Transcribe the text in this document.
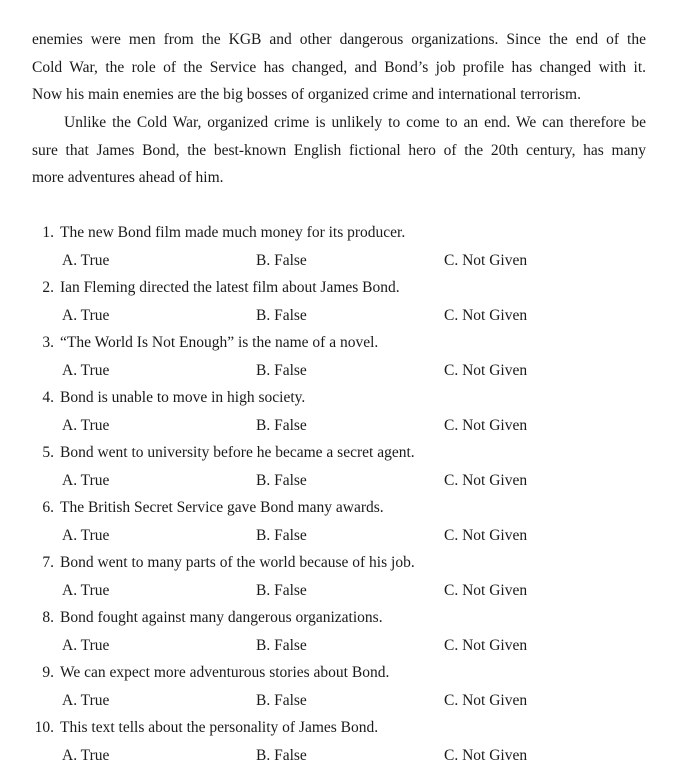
enemies were men from the KGB and other dangerous organizations. Since the end of the
Cold War, the role of the Service has changed, and Bond’s job profile has changed with it.
Now his main enemies are the big bosses of organized crime and international terrorism.
Unlike the Cold War, organized crime is unlikely to come to an end. We can therefore be
sure that James Bond, the best-known English fictional hero of the 20th century, has many
more adventures ahead of him.
1. The new Bond film made much money for its producer.
A. True	B. False	C. Not Given
2. Ian Fleming directed the latest film about James Bond.
A. True	B. False	C. Not Given
3. “The World Is Not Enough” is the name of a novel.
A. True	B. False	C. Not Given
4. Bond is unable to move in high society.
A. True	B. False	C. Not Given
5. Bond went to university before he became a secret agent.
A. True	B. False	C. Not Given
6. The British Secret Service gave Bond many awards.
A. True	B. False	C. Not Given
7. Bond went to many parts of the world because of his job.
A. True	B. False	C. Not Given
8. Bond fought against many dangerous organizations.
A. True	B. False	C. Not Given
9. We can expect more adventurous stories about Bond.
A. True	B. False	C. Not Given
10. This text tells about the personality of James Bond.
A. True	B. False	C. Not Given
